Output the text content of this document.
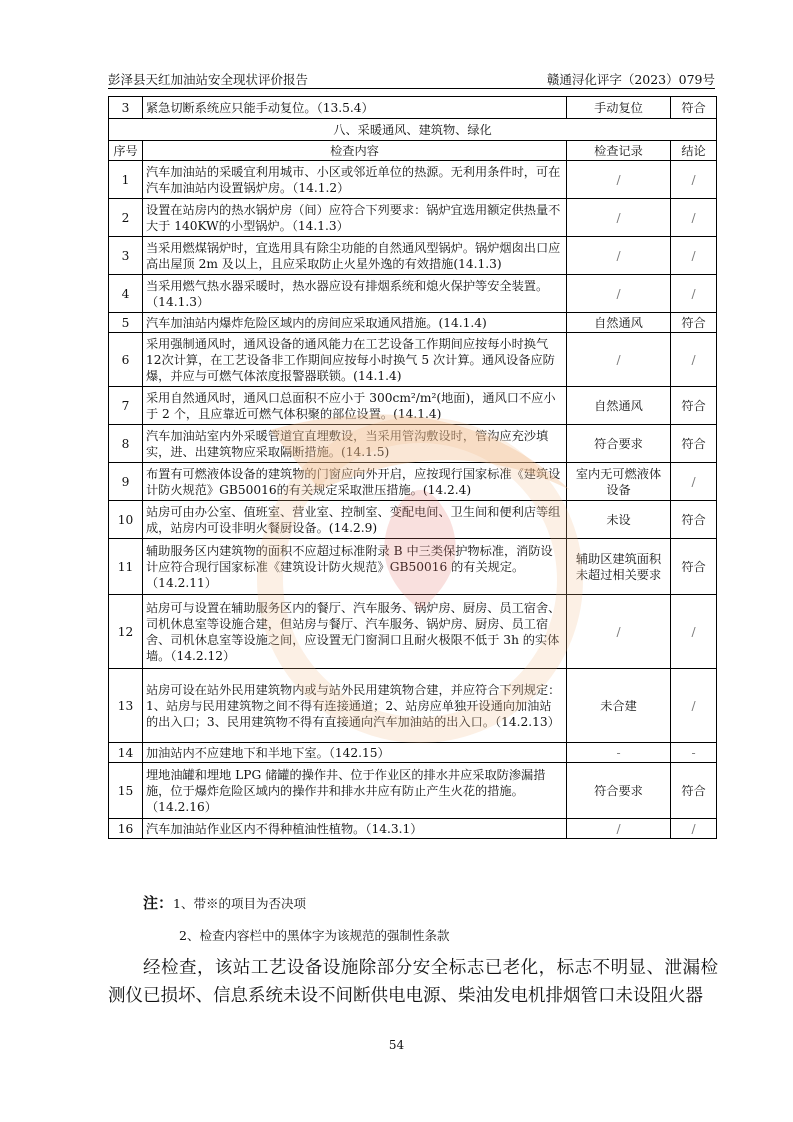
彭泽县天红加油站安全现状评价报告	赣通浔化评字（2023）079号
3	紧急切断系统应只能手动复位。（13.5.4）	手动复位	符合
八、采暖通风、建筑物、绿化			
序号	检查内容	检查记录	结论
1	汽车加油站的采暖宜利用城市、小区或邻近单位的热源。无利用条件时，可在汽车加油站内设置锅炉房。（14.1.2）	/	/
2	设置在站房内的热水锅炉房（间）应符合下列要求：锅炉宜选用额定供热量不大于 140KW的小型锅炉。（14.1.3）	/	/
3	当采用燃煤锅炉时，宜选用具有除尘功能的自然通风型锅炉。锅炉烟囱出口应高出屋顶 2m 及以上，且应采取防止火星外逸的有效措施(14.1.3)	/	/
4	当采用燃气热水器采暖时，热水器应设有排烟系统和熄火保护等安全装置。（14.1.3）	/	/
5	汽车加油站内爆炸危险区域内的房间应采取通风措施。(14.1.4)	自然通风	符合
6	采用强制通风时，通风设备的通风能力在工艺设备工作期间应按每小时换气12次计算，在工艺设备非工作期间应按每小时换气 5 次计算。通风设备应防爆，并应与可燃气体浓度报警器联锁。(14.1.4)	/	/
7	采用自然通风时，通风口总面积不应小于 300cm²/m²(地面)，通风口不应小于 2 个，且应靠近可燃气体积聚的部位设置。(14.1.4)	自然通风	符合
8	汽车加油站室内外采暖管道宜直埋敷设，当采用管沟敷设时，管沟应充沙填实，进、出建筑物应采取隔断措施。(14.1.5)	符合要求	符合
9	布置有可燃液体设备的建筑物的门窗应向外开启，应按现行国家标准《建筑设计防火规范》GB50016的有关规定采取泄压措施。(14.2.4)	室内无可燃液体设备	/
10	站房可由办公室、值班室、营业室、控制室、变配电间、卫生间和便利店等组成，站房内可设非明火餐厨设备。(14.2.9)	未设	符合
11	辅助服务区内建筑物的面积不应超过标准附录 B 中三类保护物标准，消防设计应符合现行国家标准《建筑设计防火规范》GB50016 的有关规定。（14.2.11）	辅助区建筑面积未超过相关要求	符合
12	站房可与设置在辅助服务区内的餐厅、汽车服务、锅炉房、厨房、员工宿舍、司机休息室等设施合建，但站房与餐厅、汽车服务、锅炉房、厨房、员工宿舍、司机休息室等设施之间，应设置无门窗洞口且耐火极限不低于 3h 的实体墙。（14.2.12）	/	/
13	站房可设在站外民用建筑物内或与站外民用建筑物合建，并应符合下列规定：1、站房与民用建筑物之间不得有连接通道；2、站房应单独开设通向加油站的出入口；3、民用建筑物不得有直接通向汽车加油站的出入口。（14.2.13）	未合建	/
14	加油站内不应建地下和半地下室。（142.15）	-	-
15	埋地油罐和埋地 LPG 储罐的操作井、位于作业区的排水井应采取防渗漏措施，位于爆炸危险区域内的操作井和排水井应有防止产生火花的措施。（14.2.16）	符合要求	符合
16	汽车加油站作业区内不得种植油性植物。（14.3.1）	/	/
注：1、带※的项目为否决项
2、检查内容栏中的黑体字为该规范的强制性条款
经检查，该站工艺设备设施除部分安全标志已老化，标志不明显、泄漏检测仪已损坏、信息系统未设不间断供电电源、柴油发电机排烟管口未设阻火器
54
